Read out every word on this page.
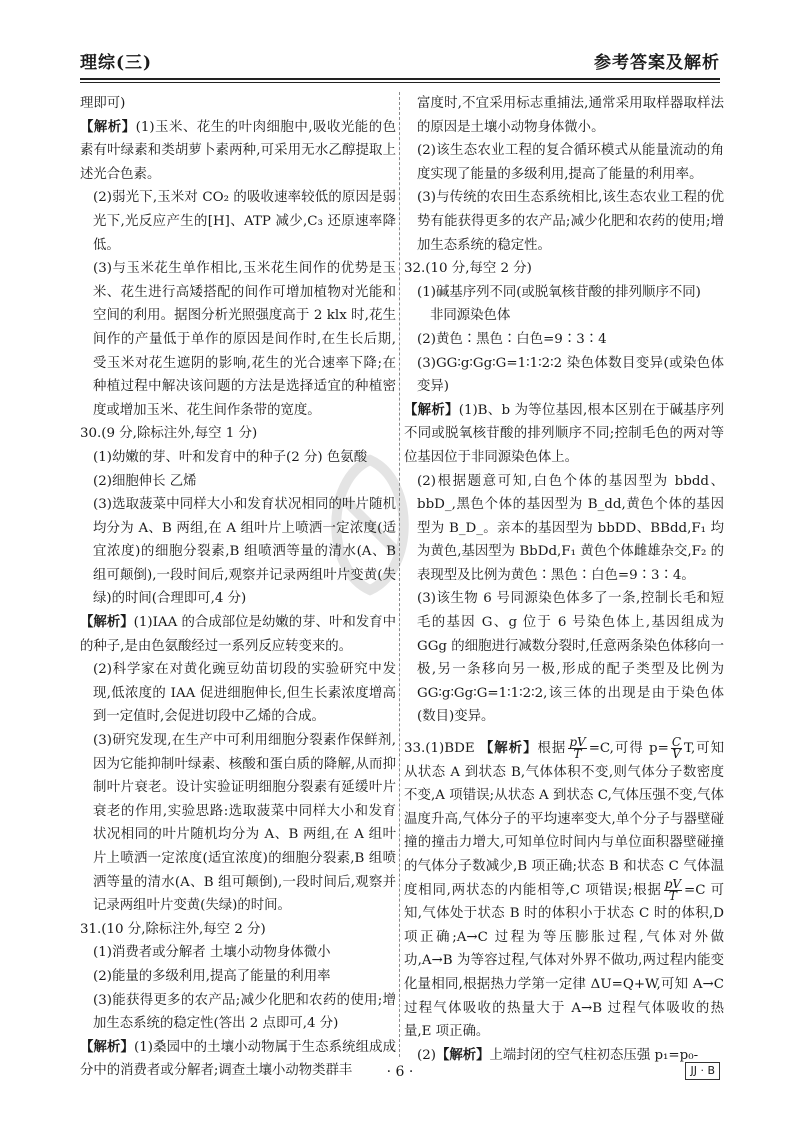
理综(三)	参考答案及解析

理即可)

【解析】(1)玉米、花生的叶肉细胞中,吸收光能的色素有叶绿素和类胡萝卜素两种,可采用无水乙醇提取上述光合色素。

(2)弱光下,玉米对 CO₂ 的吸收速率较低的原因是弱光下,光反应产生的[H]、ATP 减少,C₃ 还原速率降低。

(3)与玉米花生单作相比,玉米花生间作的优势是玉米、花生进行高矮搭配的间作可增加植物对光能和空间的利用。据图分析光照强度高于 2 klx 时,花生间作的产量低于单作的原因是间作时,在生长后期,受玉米对花生遮阴的影响,花生的光合速率下降;在种植过程中解决该问题的方法是选择适宜的种植密度或增加玉米、花生间作条带的宽度。

30.(9 分,除标注外,每空 1 分)

(1)幼嫩的芽、叶和发育中的种子(2 分) 色氨酸

(2)细胞伸长 乙烯

(3)选取菠菜中同样大小和发育状况相同的叶片随机均分为 A、B 两组,在 A 组叶片上喷洒一定浓度(适宜浓度)的细胞分裂素,B 组喷洒等量的清水(A、B 组可颠倒),一段时间后,观察并记录两组叶片变黄(失绿)的时间(合理即可,4 分)

【解析】(1)IAA 的合成部位是幼嫩的芽、叶和发育中的种子,是由色氨酸经过一系列反应转变来的。

(2)科学家在对黄化豌豆幼苗切段的实验研究中发现,低浓度的 IAA 促进细胞伸长,但生长素浓度增高到一定值时,会促进切段中乙烯的合成。

(3)研究发现,在生产中可利用细胞分裂素作保鲜剂,因为它能抑制叶绿素、核酸和蛋白质的降解,从而抑制叶片衰老。设计实验证明细胞分裂素有延缓叶片衰老的作用,实验思路:选取菠菜中同样大小和发育状况相同的叶片随机均分为 A、B 两组,在 A 组叶片上喷洒一定浓度(适宜浓度)的细胞分裂素,B 组喷洒等量的清水(A、B 组可颠倒),一段时间后,观察并记录两组叶片变黄(失绿)的时间。

31.(10 分,除标注外,每空 2 分)

(1)消费者或分解者 土壤小动物身体微小

(2)能量的多级利用,提高了能量的利用率

(3)能获得更多的农产品;减少化肥和农药的使用;增加生态系统的稳定性(答出 2 点即可,4 分)

【解析】(1)桑园中的土壤小动物属于生态系统组成成分中的消费者或分解者;调查土壤小动物类群丰

富度时,不宜采用标志重捕法,通常采用取样器取样法的原因是土壤小动物身体微小。

(2)该生态农业工程的复合循环模式从能量流动的角度实现了能量的多级利用,提高了能量的利用率。

(3)与传统的农田生态系统相比,该生态农业工程的优势有能获得更多的农产品;减少化肥和农药的使用;增加生态系统的稳定性。

32.(10 分,每空 2 分)

(1)碱基序列不同(或脱氧核苷酸的排列顺序不同)

非同源染色体

(2)黄色∶黑色∶白色=9∶3∶4

(3)GG∶g∶Gg∶G=1∶1∶2∶2 染色体数目变异(或染色体变异)

【解析】(1)B、b 为等位基因,根本区别在于碱基序列不同或脱氧核苷酸的排列顺序不同;控制毛色的两对等位基因位于非同源染色体上。

(2)根据题意可知,白色个体的基因型为 bbdd、bbD_,黑色个体的基因型为 B_dd,黄色个体的基因型为 B_D_。亲本的基因型为 bbDD、BBdd,F₁ 均为黄色,基因型为 BbDd,F₁ 黄色个体雌雄杂交,F₂ 的表现型及比例为黄色∶黑色∶白色=9∶3∶4。

(3)该生物 6 号同源染色体多了一条,控制长毛和短毛的基因 G、g 位于 6 号染色体上,基因组成为 GGg 的细胞进行减数分裂时,任意两条染色体移向一极,另一条移向另一极,形成的配子类型及比例为 GG∶g∶Gg∶G=1∶1∶2∶2,该三体的出现是由于染色体(数目)变异。

33.(1)BDE 【解析】根据 $\frac{pV}{T} =C$,可得 $p= \frac{C}{V} T$,可知从状态 A 到状态 B,气体体积不变,则气体分子数密度不变,A 项错误;从状态 A 到状态 C,气体压强不变,气体温度升高,气体分子的平均速率变大,单个分子与器壁碰撞的撞击力增大,可知单位时间内与单位面积器壁碰撞的气体分子数减少,B 项正确;状态 B 和状态 C 气体温度相同,两状态的内能相等,C 项错误;根据 $\frac{pV}{T} =C$ 可知,气体处于状态 B 时的体积小于状态 C 时的体积,D 项正确;A→C 过程为等压膨胀过程,气体对外做功,A→B 为等容过程,气体对外界不做功,两过程内能变化量相同,根据热力学第一定律 ΔU=Q+W,可知 A→C 过程气体吸收的热量大于 A→B 过程气体吸收的热量,E 项正确。

(2)【解析】上端封闭的空气柱初态压强 p₁=p₀-

· 6 ·	JJ · B
